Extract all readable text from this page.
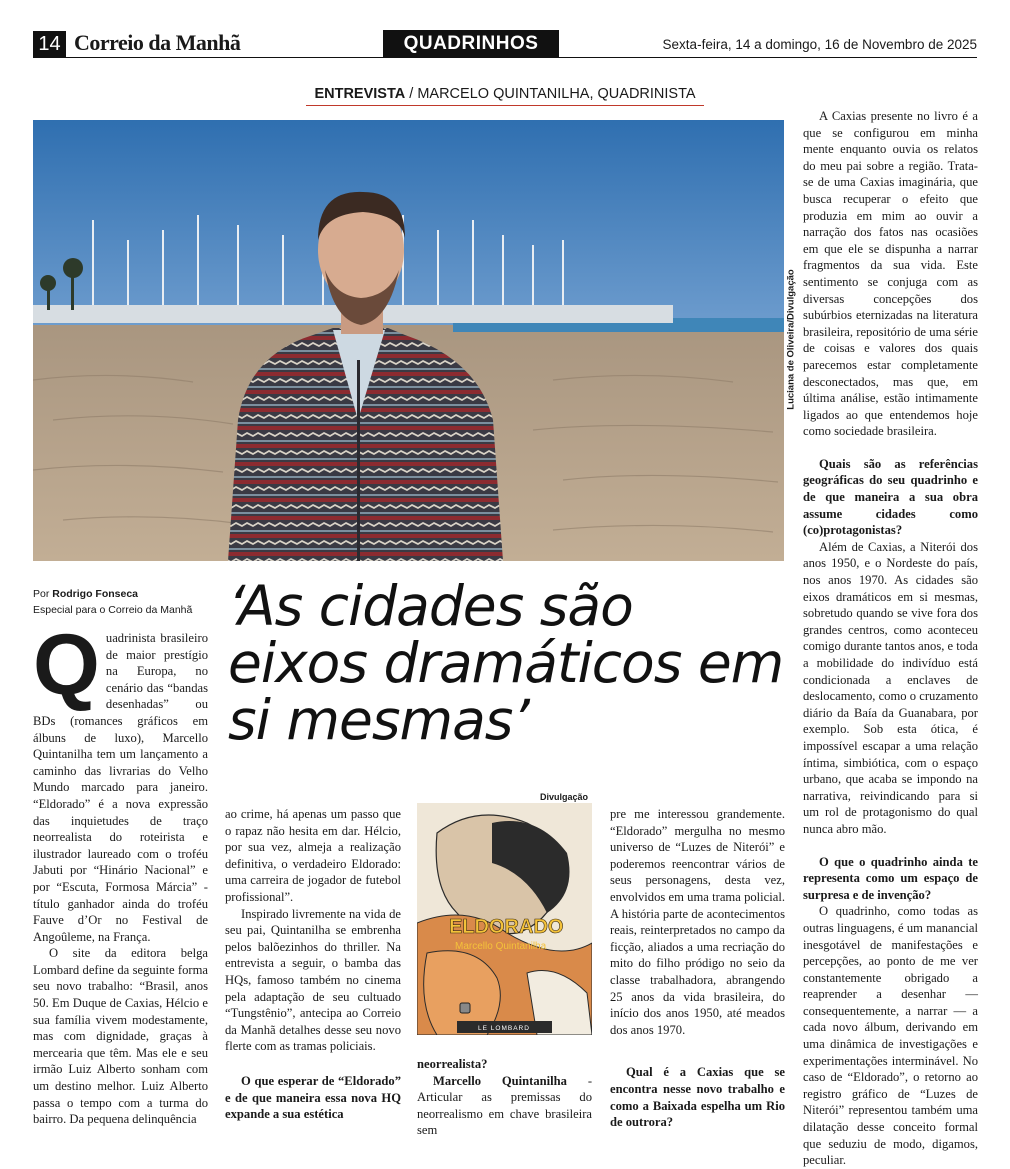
14 Correio da Manhã	QUADRINHOS	Sexta-feira, 14 a domingo, 16 de Novembro de 2025
ENTREVISTA / MARCELO QUINTANILHA, QUADRINISTA
Luciana de Oliveira/Divulgação
Por Rodrigo Fonseca
Especial para o Correio da Manhã ‘As cidades são eixos dramáticos em si mesmas’

Quadrinista brasileiro de maior prestígio na Europa, no cenário das “bandas desenhadas” ou BDs (romances gráficos em álbuns de luxo), Marcello Quintanilha tem um lançamento a caminho das livrarias do Velho Mundo marcado para janeiro. “Eldorado” é a nova expressão das inquietudes de traço neorrealista do roteirista e ilustrador laureado com o troféu Jabuti por “Hinário Nacional” e por “Escuta, Formosa Márcia” - título ganhador ainda do troféu Fauve d’Or no Festival de Angoûleme, na França.

O site da editora belga Lombard define da seguinte forma seu novo trabalho: “Brasil, anos 50. Em Duque de Caxias, Hélcio e sua família vivem modestamente, mas com dignidade, graças à mercearia que têm. Mas ele e seu irmão Luiz Alberto sonham com um destino melhor. Luiz Alberto passa o tempo com a turma do bairro. Da pequena delinquência

ao crime, há apenas um passo que o rapaz não hesita em dar. Hélcio, por sua vez, almeja a realização definitiva, o verdadeiro Eldorado: uma carreira de jogador de futebol profissional”.

Inspirado livremente na vida de seu pai, Quintanilha se embrenha pelos balõezinhos do thriller. Na entrevista a seguir, o bamba das HQs, famoso também no cinema pela adaptação de seu cultuado “Tungstênio”, antecipa ao Correio da Manhã detalhes desse seu novo flerte com as tramas policiais.

O que esperar de “Eldorado” e de que maneira essa nova HQ expande a sua estética

Divulgação
ELDORADO
Marcello Quintanilha
LE LOMBARD

neorrealista?

Marcello Quintanilha - Articular as premissas do neorrealismo em chave brasileira sem

pre me interessou grandemente. “Eldorado” mergulha no mesmo universo de “Luzes de Niterói” e poderemos reencontrar vários de seus personagens, desta vez, envolvidos em uma trama policial. A história parte de acontecimentos reais, reinterpretados no campo da ficção, aliados a uma recriação do mito do filho pródigo no seio da classe trabalhadora, abrangendo 25 anos da vida brasileira, do início dos anos 1950, até meados dos anos 1970.

Qual é a Caxias que se encontra nesse novo trabalho e como a Baixada espelha um Rio de outrora?

A Caxias presente no livro é a que se configurou em minha mente enquanto ouvia os relatos do meu pai sobre a região. Trata-se de uma Caxias imaginária, que busca recuperar o efeito que produzia em mim ao ouvir a narração dos fatos nas ocasiões em que ele se dispunha a narrar fragmentos da sua vida. Este sentimento se conjuga com as diversas concepções dos subúrbios eternizadas na literatura brasileira, repositório de uma série de coisas e valores dos quais parecemos estar completamente desconectados, mas que, em última análise, estão intimamente ligados ao que entendemos hoje como sociedade brasileira.

Quais são as referências geográficas do seu quadrinho e de que maneira a sua obra assume cidades como (co)protagonistas?

Além de Caxias, a Niterói dos anos 1950, e o Nordeste do país, nos anos 1970. As cidades são eixos dramáticos em si mesmas, sobretudo quando se vive fora dos grandes centros, como aconteceu comigo durante tantos anos, e toda a mobilidade do indivíduo está condicionada a enclaves de deslocamento, como o cruzamento diário da Baía da Guanabara, por exemplo. Sob esta ótica, é impossível escapar a uma relação íntima, simbiótica, com o espaço urbano, que acaba se impondo na narrativa, reivindicando para si um rol de protagonismo do qual nunca abro mão.

O que o quadrinho ainda te representa como um espaço de surpresa e de invenção?

O quadrinho, como todas as outras linguagens, é um manancial inesgotável de manifestações e percepções, ao ponto de me ver constantemente obrigado a reaprender a desenhar — consequentemente, a narrar — a cada novo álbum, derivando em uma dinâmica de investigações e experimentações interminável. No caso de “Eldorado”, o retorno ao registro gráfico de “Luzes de Niterói” representou também uma dilatação desse conceito formal que seduziu de modo, digamos, peculiar.
